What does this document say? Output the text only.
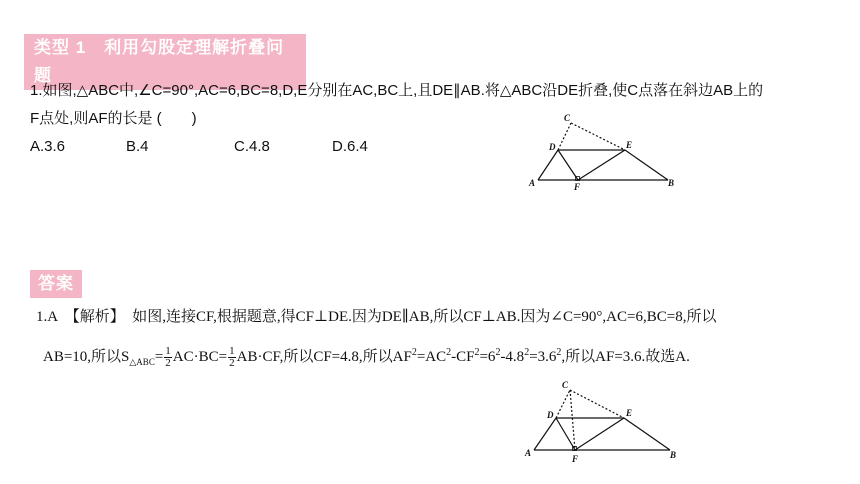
类型 1　利用勾股定理解折叠问题
1.如图,△ABC中,∠C=90°,AC=6,BC=8,D,E分别在AC,BC上,且DE∥AB.将△ABC沿DE折叠,使C点落在斜边AB上的
F点处,则AF的长是 (　　)
A.3.6	B.4	C.4.8	D.6.4
C
D	E
A	B
F
答案
1.A　【解析】　如图,连接CF,根据题意,得CF⊥DE.因为DE∥AB,所以CF⊥AB.因为∠C=90°,AC=6,BC=8,所以
AB=10,所以$S_{\triangle ABC}= \frac{1}{2} AC\cdot BC= \frac{1}{2} AB\cdot CF$,所以CF=4.8,所以$AF^2=AC^2-CF^2=6^2-4.8^2=3.6^2$,所以AF=3.6.故选A.
C
D	E
A	B
F
